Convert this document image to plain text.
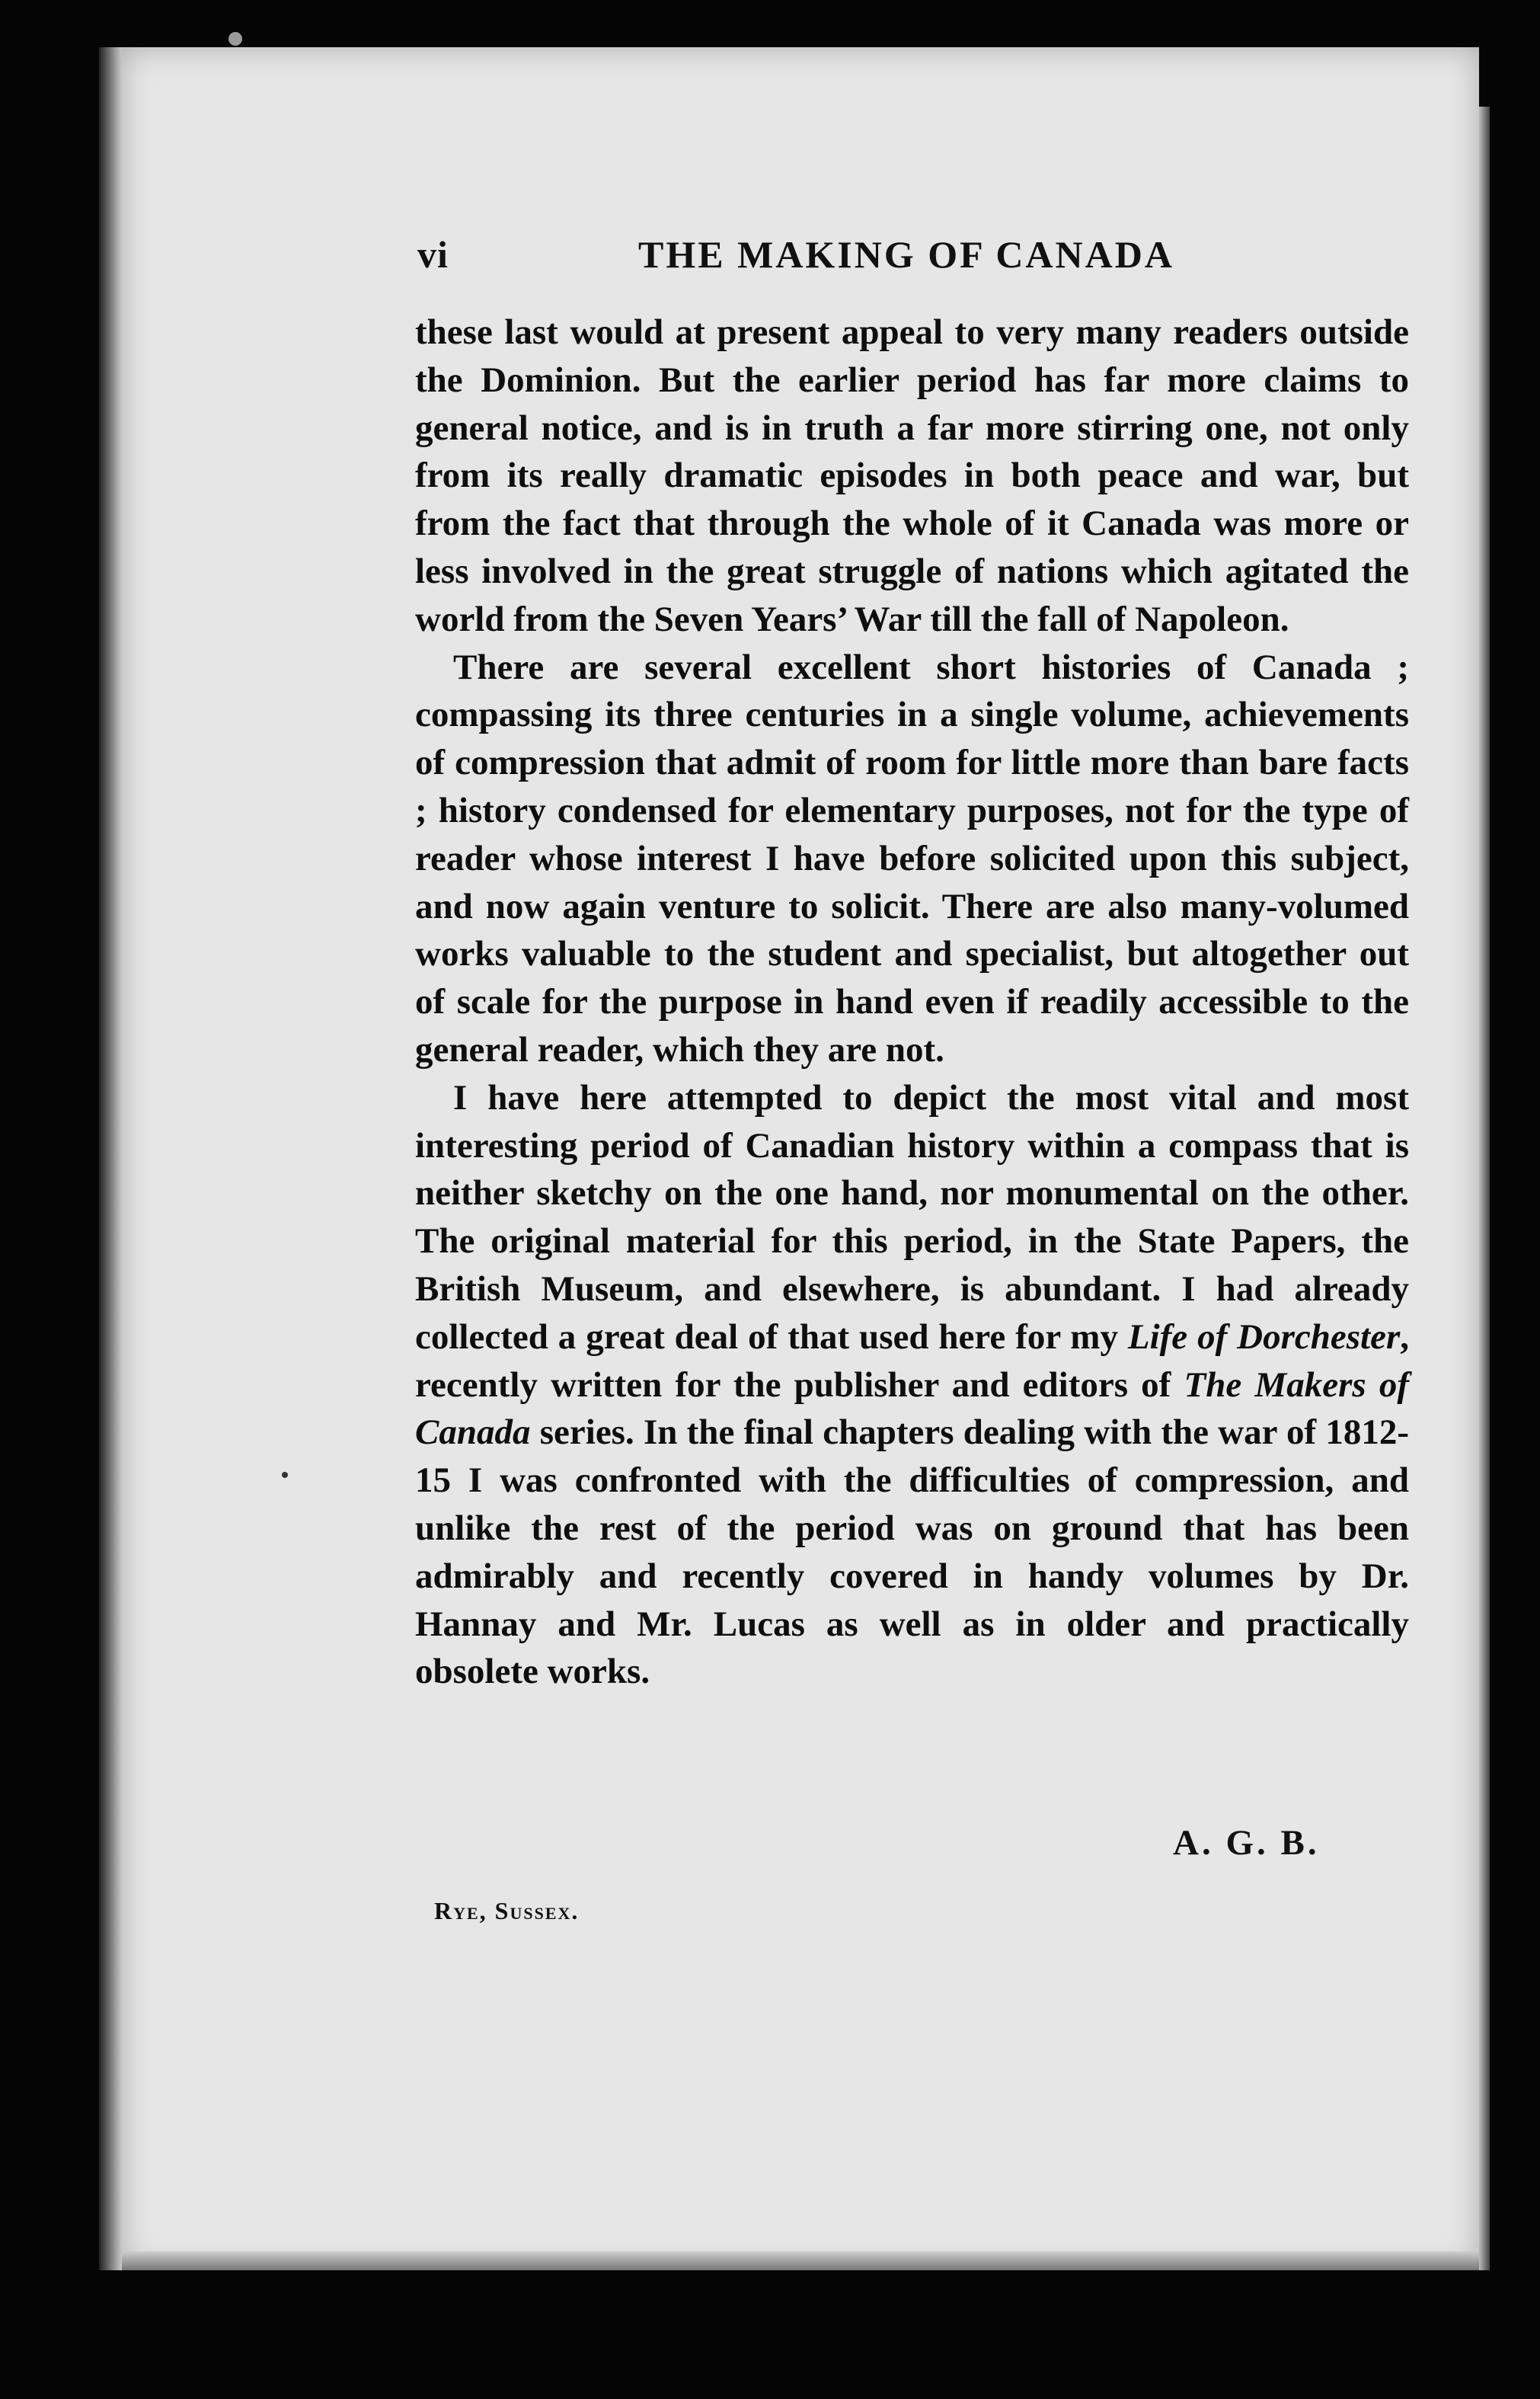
vi	THE MAKING OF CANADA

these last would at present appeal to very many readers outside the Dominion. But the earlier period has far more claims to general notice, and is in truth a far more stirring one, not only from its really dramatic episodes in both peace and war, but from the fact that through the whole of it Canada was more or less involved in the great struggle of nations which agitated the world from the Seven Years’ War till the fall of Napoleon.

There are several excellent short histories of Canada ; compassing its three centuries in a single volume, achievements of compression that admit of room for little more than bare facts ; history condensed for elementary purposes, not for the type of reader whose interest I have before solicited upon this subject, and now again venture to solicit. There are also many-volumed works valuable to the student and specialist, but altogether out of scale for the purpose in hand even if readily accessible to the general reader, which they are not.

I have here attempted to depict the most vital and most interesting period of Canadian history within a compass that is neither sketchy on the one hand, nor monumental on the other. The original material for this period, in the State Papers, the British Museum, and elsewhere, is abundant. I had already collected a great deal of that used here for my Life of Dorchester, recently written for the publisher and editors of The Makers of Canada series. In the final chapters dealing with the war of 1812-15 I was confronted with the difficulties of compression, and unlike the rest of the period was on ground that has been admirably and recently covered in handy volumes by Dr. Hannay and Mr. Lucas as well as in older and practically obsolete works.

A. G. B.
Rye, Sussex.
